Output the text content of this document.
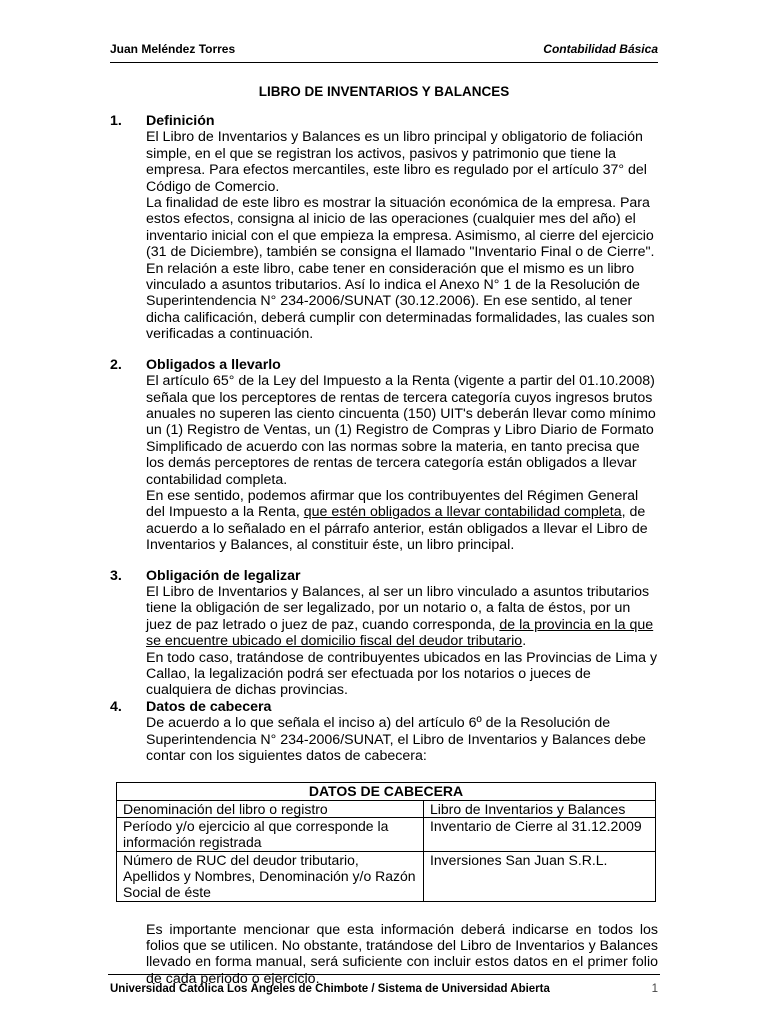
Juan Meléndez Torres	Contabilidad Básica
LIBRO DE INVENTARIOS Y BALANCES
1. Definición

El Libro de Inventarios y Balances es un libro principal y obligatorio de foliación simple, en el que se registran los activos, pasivos y patrimonio que tiene la empresa. Para efectos mercantiles, este libro es regulado por el artículo 37° del Código de Comercio.

La finalidad de este libro es mostrar la situación económica de la empresa. Para estos efectos, consigna al inicio de las operaciones (cualquier mes del año) el inventario inicial con el que empieza la empresa. Asimismo, al cierre del ejercicio (31 de Diciembre), también se consigna el llamado "Inventario Final o de Cierre".

En relación a este libro, cabe tener en consideración que el mismo es un libro vinculado a asuntos tributarios. Así lo indica el Anexo N° 1 de la Resolución de Superintendencia N° 234-2006/SUNAT (30.12.2006). En ese sentido, al tener dicha calificación, deberá cumplir con determinadas formalidades, las cuales son verificadas a continuación.

2. Obligados a llevarlo

El artículo 65° de la Ley del Impuesto a la Renta (vigente a partir del 01.10.2008) señala que los perceptores de rentas de tercera categoría cuyos ingresos brutos anuales no superen las ciento cincuenta (150) UIT's deberán llevar como mínimo un (1) Registro de Ventas, un (1) Registro de Compras y Libro Diario de Formato Simplificado de acuerdo con las normas sobre la materia, en tanto precisa que los demás perceptores de rentas de tercera categoría están obligados a llevar contabilidad completa.

En ese sentido, podemos afirmar que los contribuyentes del Régimen General del Impuesto a la Renta, que estén obligados a llevar contabilidad completa, de acuerdo a lo señalado en el párrafo anterior, están obligados a llevar el Libro de Inventarios y Balances, al constituir éste, un libro principal.

3. Obligación de legalizar

El Libro de Inventarios y Balances, al ser un libro vinculado a asuntos tributarios tiene la obligación de ser legalizado, por un notario o, a falta de éstos, por un juez de paz letrado o juez de paz, cuando corresponda, de la provincia en la que se encuentre ubicado el domicilio fiscal del deudor tributario.

En todo caso, tratándose de contribuyentes ubicados en las Provincias de Lima y Callao, la legalización podrá ser efectuada por los notarios o jueces de cualquiera de dichas provincias.

4. Datos de cabecera

De acuerdo a lo que señala el inciso a) del artículo 6º de la Resolución de Superintendencia N° 234-2006/SUNAT, el Libro de Inventarios y Balances debe contar con los siguientes datos de cabecera:

DATOS DE CABECERA	
Denominación del libro o registro	Libro de Inventarios y Balances
Período y/o ejercicio al que corresponde la información registrada	Inventario de Cierre al 31.12.2009
Número de RUC del deudor tributario, Apellidos y Nombres, Denominación y/o Razón Social de éste	Inversiones San Juan S.R.L.

Es importante mencionar que esta información deberá indicarse en todos los folios que se utilicen. No obstante, tratándose del Libro de Inventarios y Balances llevado en forma manual, será suficiente con incluir estos datos en el primer folio de cada periodo o ejercicio.

Universidad Católica Los Ángeles de Chimbote / Sistema de Universidad Abierta	1
